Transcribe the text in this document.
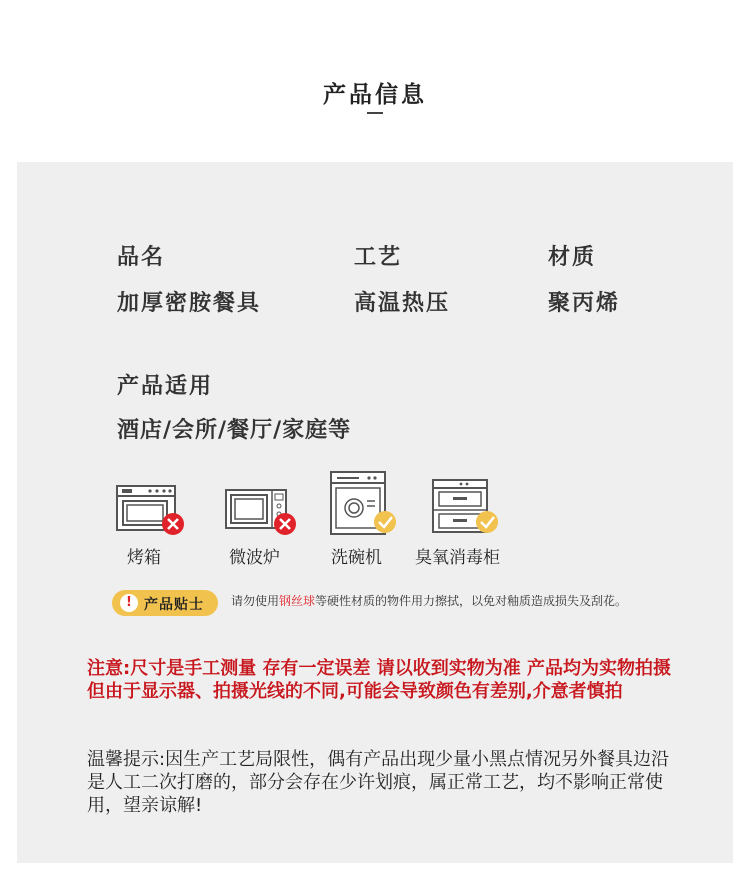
产品信息
品名
加厚密胺餐具
工艺
高温热压
材质
聚丙烯
产品适用
酒店/会所/餐厅/家庭等
烤箱	微波炉	洗碗机 臭氧消毒柜
! 产品贴士 请勿使用钢丝球等硬性材质的物件用力擦拭，以免对釉质造成损失及刮花。
注意:尺寸是手工测量 存有一定误差 请以收到实物为准 产品均为实物拍摄但由于显示器、拍摄光线的不同,可能会导致颜色有差别,介意者慎拍
温馨提示:因生产工艺局限性，偶有产品出现少量小黑点情况另外餐具边沿是人工二次打磨的，部分会存在少许划痕，属正常工艺，均不影响正常使用，望亲谅解!
